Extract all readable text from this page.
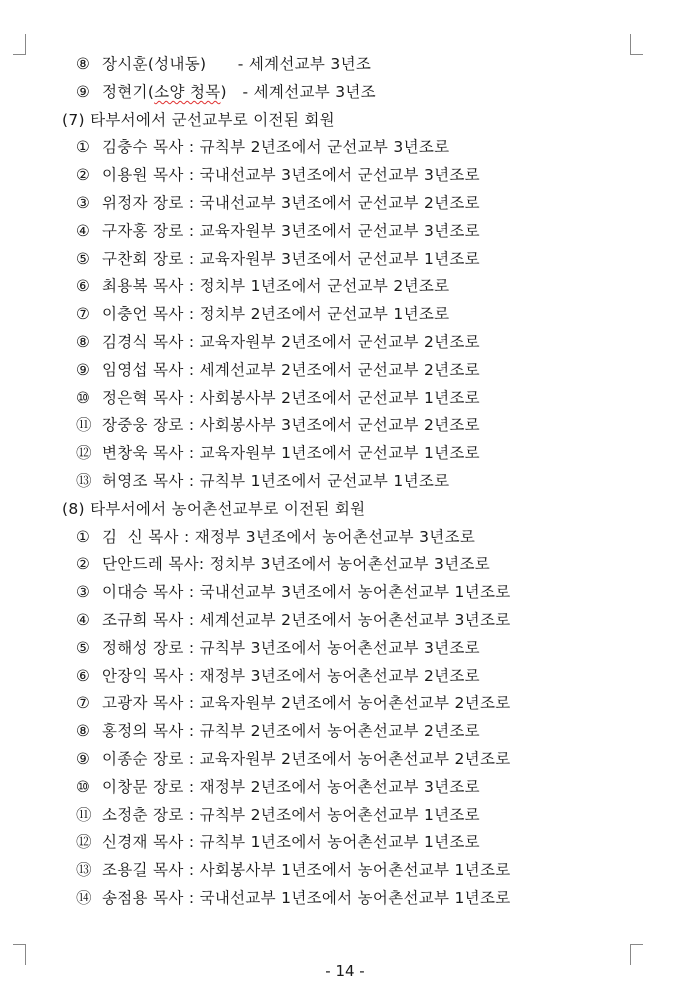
⑧ 장시훈(성내동)      - 세계선교부 3년조
⑨ 정현기(소양 청목)   - 세계선교부 3년조
(7) 타부서에서 군선교부로 이전된 회원
① 김충수 목사 : 규칙부 2년조에서 군선교부 3년조로
② 이용원 목사 : 국내선교부 3년조에서 군선교부 3년조로
③ 위정자 장로 : 국내선교부 3년조에서 군선교부 2년조로
④ 구자홍 장로 : 교육자원부 3년조에서 군선교부 3년조로
⑤ 구찬회 장로 : 교육자원부 3년조에서 군선교부 1년조로
⑥ 최용복 목사 : 정치부 1년조에서 군선교부 2년조로
⑦ 이충언 목사 : 정치부 2년조에서 군선교부 1년조로
⑧ 김경식 목사 : 교육자원부 2년조에서 군선교부 2년조로
⑨ 임영섭 목사 : 세계선교부 2년조에서 군선교부 2년조로
⑩ 정은혁 목사 : 사회봉사부 2년조에서 군선교부 1년조로
⑪ 장중웅 장로 : 사회봉사부 3년조에서 군선교부 2년조로
⑫ 변창욱 목사 : 교육자원부 1년조에서 군선교부 1년조로
⑬ 허영조 목사 : 규칙부 1년조에서 군선교부 1년조로
(8) 타부서에서 농어촌선교부로 이전된 회원
① 김  신 목사 : 재정부 3년조에서 농어촌선교부 3년조로
② 단안드레 목사: 정치부 3년조에서 농어촌선교부 3년조로
③ 이대승 목사 : 국내선교부 3년조에서 농어촌선교부 1년조로
④ 조규희 목사 : 세계선교부 2년조에서 농어촌선교부 3년조로
⑤ 정해성 장로 : 규칙부 3년조에서 농어촌선교부 3년조로
⑥ 안장익 목사 : 재정부 3년조에서 농어촌선교부 2년조로
⑦ 고광자 목사 : 교육자원부 2년조에서 농어촌선교부 2년조로
⑧ 홍정의 목사 : 규칙부 2년조에서 농어촌선교부 2년조로
⑨ 이종순 장로 : 교육자원부 2년조에서 농어촌선교부 2년조로
⑩ 이창문 장로 : 재정부 2년조에서 농어촌선교부 3년조로
⑪ 소정춘 장로 : 규칙부 2년조에서 농어촌선교부 1년조로
⑫ 신경재 목사 : 규칙부 1년조에서 농어촌선교부 1년조로
⑬ 조용길 목사 : 사회봉사부 1년조에서 농어촌선교부 1년조로
⑭ 송점용 목사 : 국내선교부 1년조에서 농어촌선교부 1년조로
- 14 -
